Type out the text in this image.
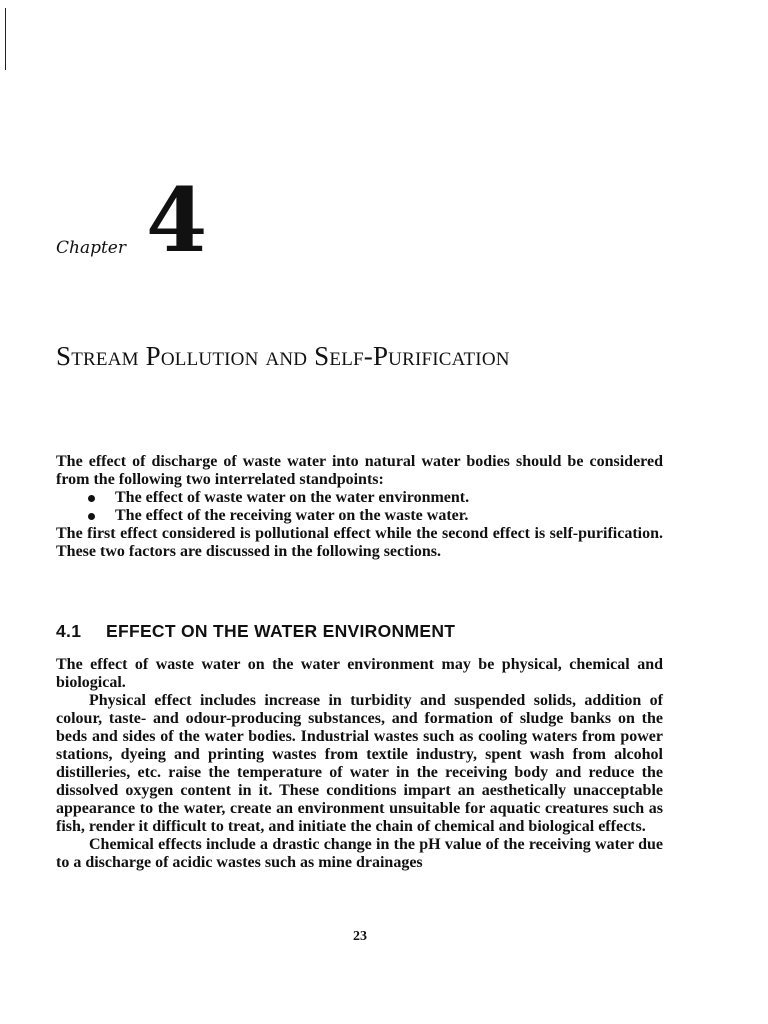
Chapter 4
Stream Pollution and Self-Purification

The effect of discharge of waste water into natural water bodies should be considered from the following two interrelated standpoints:

The effect of waste water on the water environment.
The effect of the receiving water on the waste water.

The first effect considered is pollutional effect while the second effect is self-purification. These two factors are discussed in the following sections.

4.1 EFFECT ON THE WATER ENVIRONMENT

The effect of waste water on the water environment may be physical, chemical and biological.

Physical effect includes increase in turbidity and suspended solids, addition of colour, taste- and odour-producing substances, and formation of sludge banks on the beds and sides of the water bodies. Industrial wastes such as cooling waters from power stations, dyeing and printing wastes from textile industry, spent wash from alcohol distilleries, etc. raise the temperature of water in the receiving body and reduce the dissolved oxygen content in it. These conditions impart an aesthetically unacceptable appearance to the water, create an environment unsuitable for aquatic creatures such as fish, render it difficult to treat, and initiate the chain of chemical and biological effects.

Chemical effects include a drastic change in the pH value of the receiving water due to a discharge of acidic wastes such as mine drainages

23
